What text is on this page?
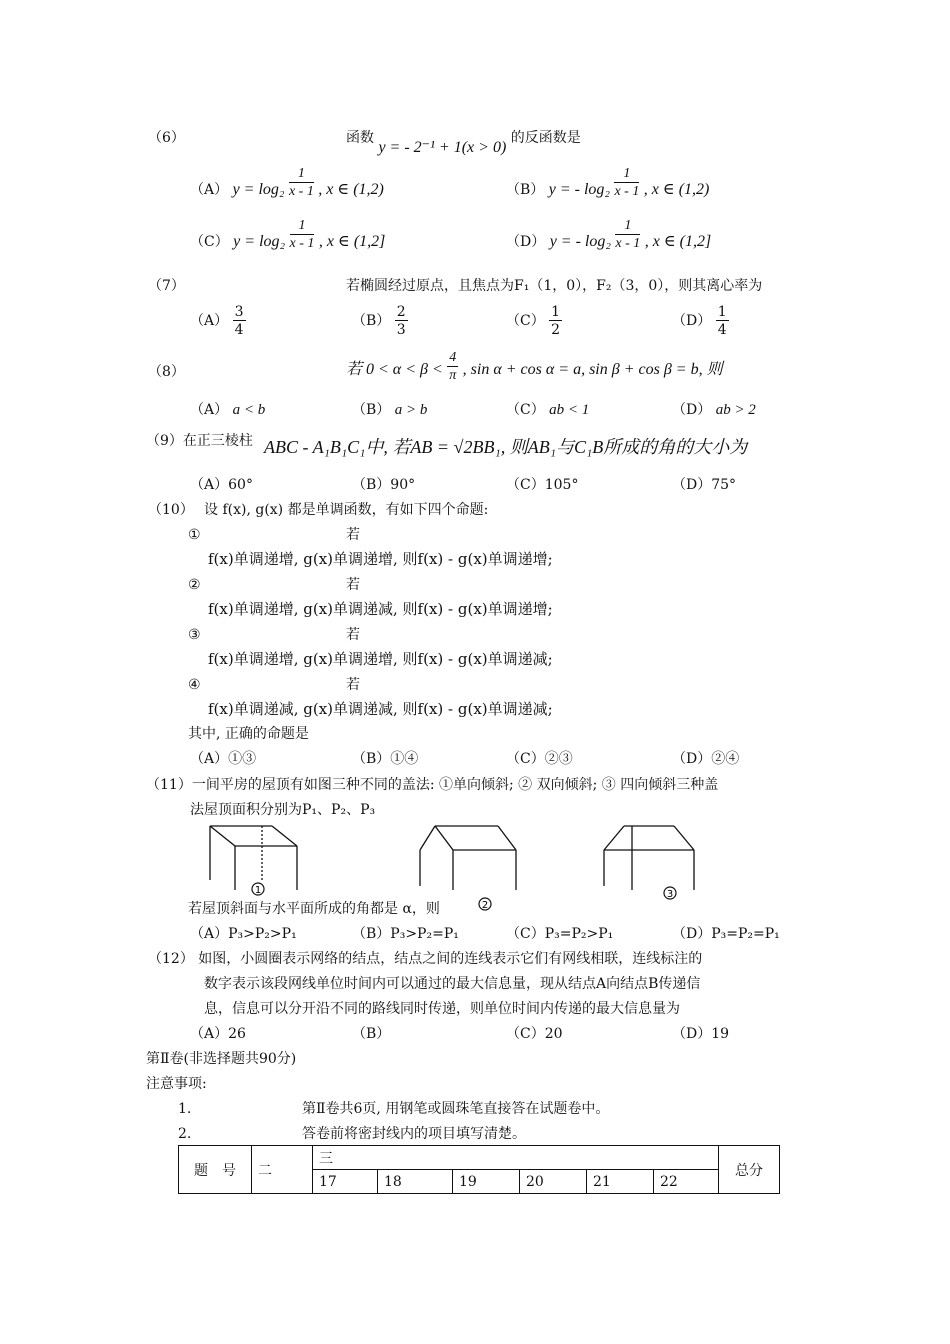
（6）	函数 y = - 2⁻¹ + 1(x > 0) 的反函数是
（A） $y = \log_2 \frac{1}{x - 1}$ , x ∈ (1,2)	（B） y = - $\log_2 \frac{1}{x - 1}$ , x ∈ (1,2)
（C） $y = \log_2 \frac{1}{x - 1}$ , x ∈ (1,2]	（D） y = - $\log_2 \frac{1}{x - 1}$ , x ∈ (1,2]
（7）	若椭圆经过原点，且焦点为F₁（1，0），F₂（3，0），则其离心率为
$(A) \frac{3}{4}$	$(B) \frac{2}{3}$	$(C) \frac{1}{2}$	$(D) \frac{1}{4}$
（8）	若 $0 < \alpha < \beta < \frac{4}{\pi}$ , sin α + cos α = a, sin β + cos β = b, 则
（A） a < b	（B） a > b	（C） ab < 1	（D） ab > 2
（9）在正三棱柱 ABC - A₁B₁C₁中, 若AB = √2BB₁, 则AB₁与C₁B所成的角的大小为
（A）60°	（B）90°	（C）105°	（D）75°
（10） 设 f(x), g(x) 都是单调函数，有如下四个命题:
①	若
f(x)单调递增, g(x)单调递增, 则f(x) - g(x)单调递增;
②	若
f(x)单调递增, g(x)单调递减, 则f(x) - g(x)单调递增;
③	若
f(x)单调递增, g(x)单调递增, 则f(x) - g(x)单调递减;
④	若
f(x)单调递减, g(x)单调递减, 则f(x) - g(x)单调递减;
其中, 正确的命题是
（A）①③	（B）①④	（C）②③	（D）②④
（11）一间平房的屋顶有如图三种不同的盖法: ①单向倾斜; ② 双向倾斜; ③ 四向倾斜三种盖
法屋顶面积分别为P₁、P₂、P₃
1	3
若屋顶斜面与水平面所成的角都是 α，则	2
（A）P₃>P₂>P₁	（B）P₃>P₂=P₁	（C）P₃=P₂>P₁	（D）P₃=P₂=P₁
（12） 如图，小圆圈表示网络的结点，结点之间的连线表示它们有网线相联，连线标注的
数字表示该段网线单位时间内可以通过的最大信息量，现从结点A向结点B传递信
息，信息可以分开沿不同的路线同时传递，则单位时间内传递的最大信息量为
（A）26	（B）	（C）20	（D）19
第Ⅱ卷(非选择题共90分)
注意事项:
1.	第Ⅱ卷共6页, 用钢笔或圆珠笔直接答在试题卷中。
2.	答卷前将密封线内的项目填写清楚。
题　号	二	三						总分
		17	18	19	20	21	22	
